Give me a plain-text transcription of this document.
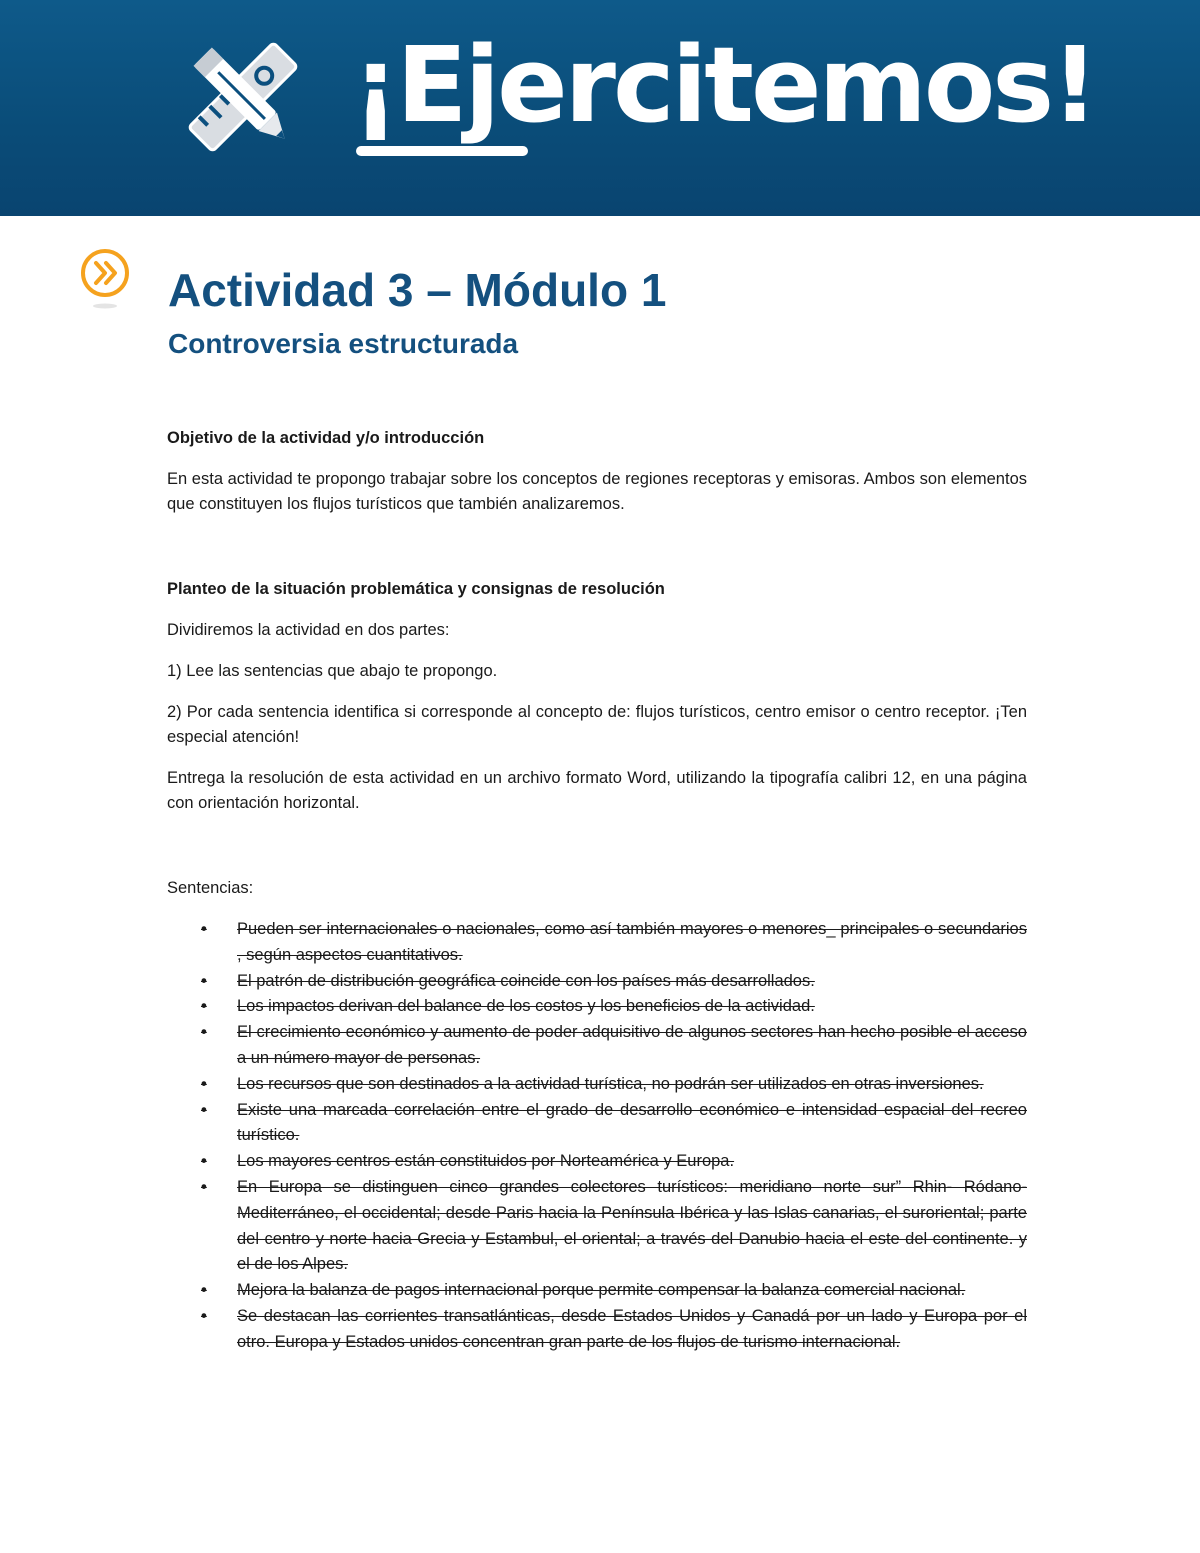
¡Ejercitemos!
Actividad 3 – Módulo 1
Controversia estructurada

Objetivo de la actividad y/o introducción

En esta actividad te propongo trabajar sobre los conceptos de regiones receptoras y emisoras. Ambos son elementos que constituyen los flujos turísticos que también analizaremos.

Planteo de la situación problemática y consignas de resolución

Dividiremos la actividad en dos partes:

1) Lee las sentencias que abajo te propongo.

2) Por cada sentencia identifica si corresponde al concepto de: flujos turísticos, centro emisor o centro receptor. ¡Ten especial atención!

Entrega la resolución de esta actividad en un archivo formato Word, utilizando la tipografía calibri 12, en una página con orientación horizontal.

Sentencias:

• Pueden ser internacionales o nacionales, como así también mayores o menores_ principales o secundarios , según aspectos cuantitativos.
• El patrón de distribución geográfica coincide con los países más desarrollados.
• Los impactos derivan del balance de los costos y los beneficios de la actividad.
• El crecimiento económico y aumento de poder adquisitivo de algunos sectores han hecho posible el acceso a un número mayor de personas.
• Los recursos que son destinados a la actividad turística, no podrán ser utilizados en otras inversiones.
• Existe una marcada correlación entre el grado de desarrollo económico e intensidad espacial del recreo turístico.
• Los mayores centros están constituidos por Norteamérica y Europa.
• En Europa se distinguen cinco grandes colectores turísticos: meridiano norte sur” Rhin- Ródano-Mediterráneo, el occidental; desde Paris hacia la Península Ibérica y las Islas canarias, el suroriental; parte del centro y norte hacia Grecia y Estambul, el oriental; a través del Danubio hacia el este del continente. y el de los Alpes.
• Mejora la balanza de pagos internacional porque permite compensar la balanza comercial nacional.
• Se destacan las corrientes transatlánticas, desde Estados Unidos y Canadá por un lado y Europa por el otro. Europa y Estados unidos concentran gran parte de los flujos de turismo internacional.
